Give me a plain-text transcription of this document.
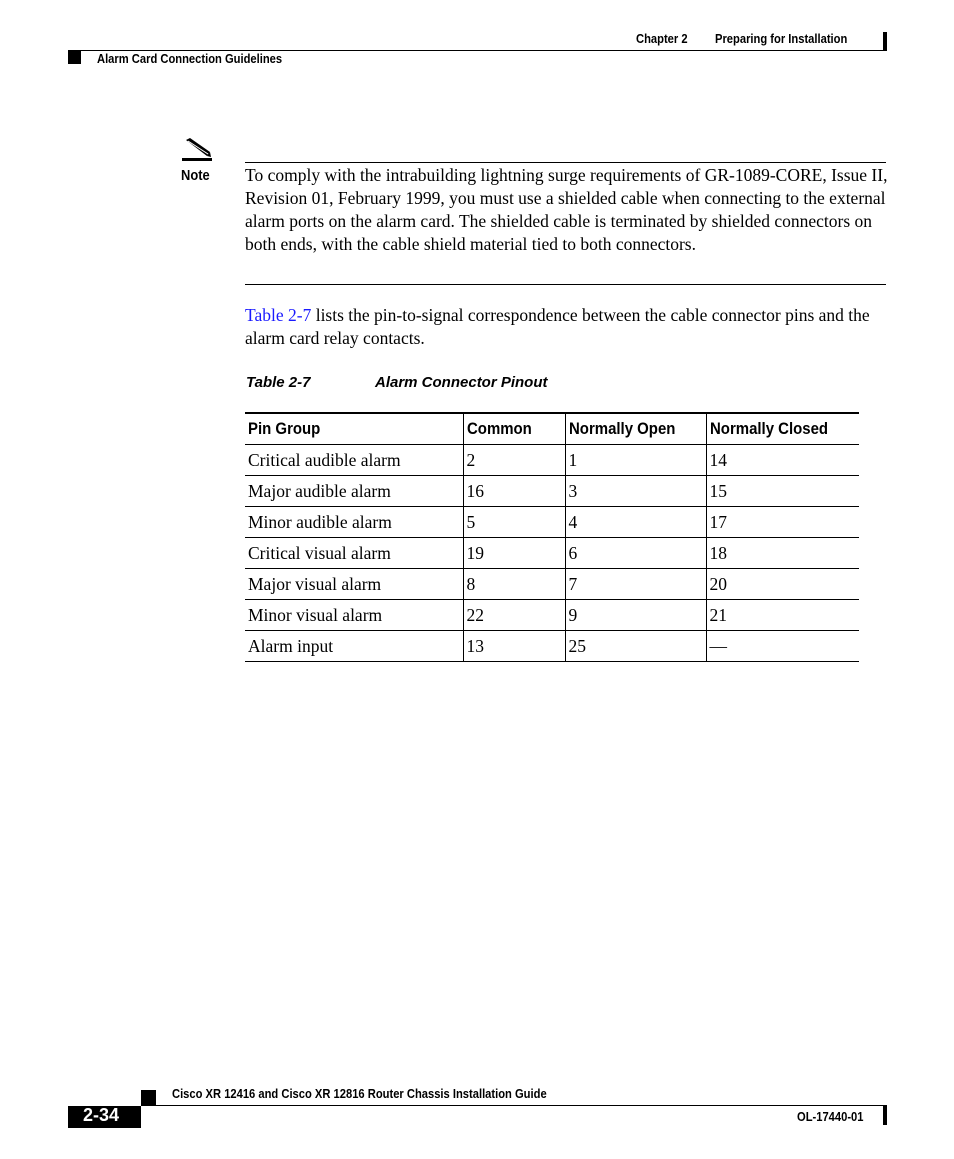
Chapter 2 Preparing for Installation
Alarm Card Connection Guidelines
Note To comply with the intrabuilding lightning surge requirements of GR-1089-CORE, Issue II, Revision 01, February 1999, you must use a shielded cable when connecting to the external alarm ports on the alarm card. The shielded cable is terminated by shielded connectors on both ends, with the cable shield material tied to both connectors.
Table 2-7 lists the pin-to-signal correspondence between the cable connector pins and the alarm card relay contacts.
Table 2-7	Alarm Connector Pinout
Pin Group	Common	Normally Open	Normally Closed
Critical audible alarm	2	1	14
Major audible alarm	16	3	15
Minor audible alarm	5	4	17
Critical visual alarm	19	6	18
Major visual alarm	8	7	20
Minor visual alarm	22	9	21
Alarm input	13	25	—
Cisco XR 12416 and Cisco XR 12816 Router Chassis Installation Guide
2-34	OL-17440-01
